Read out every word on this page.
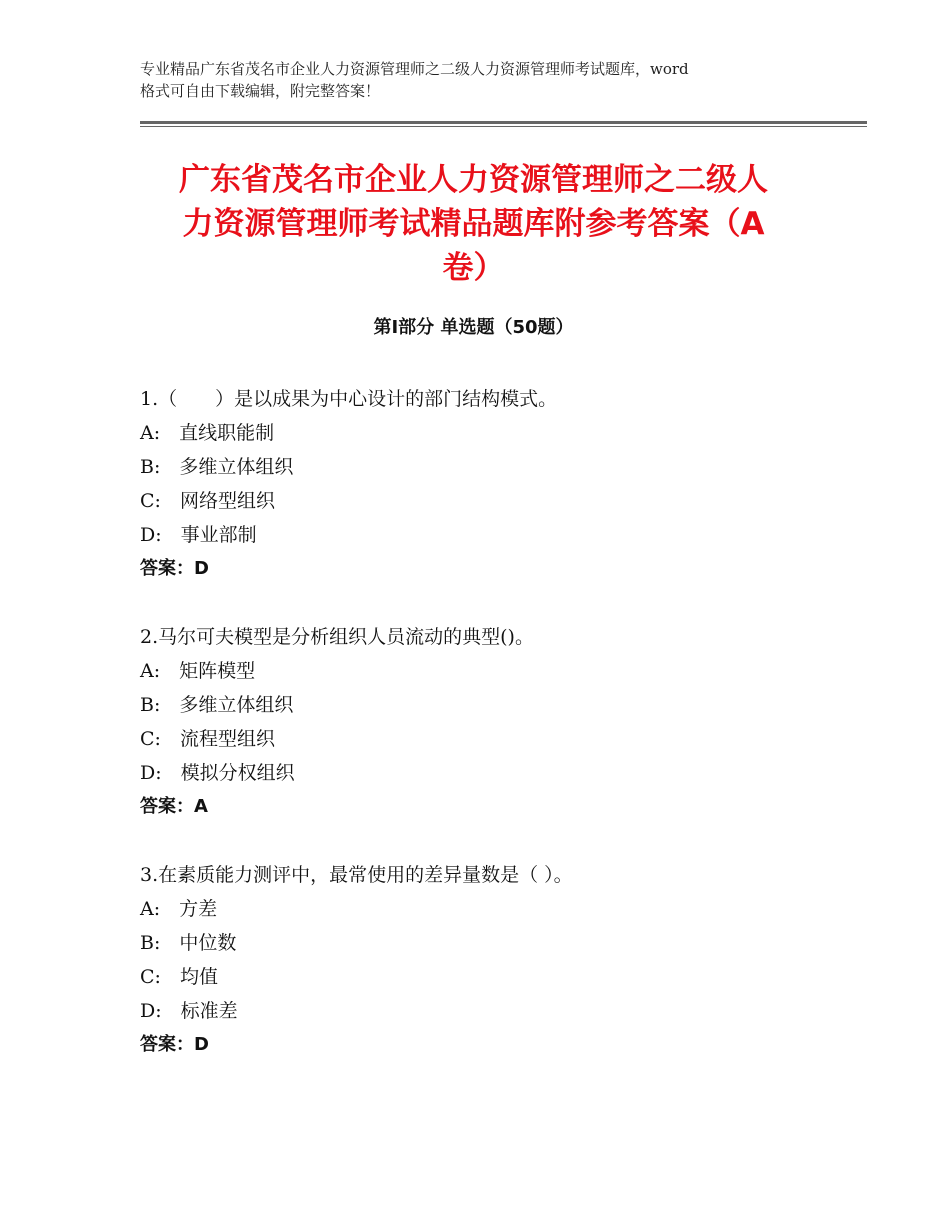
专业精品广东省茂名市企业人力资源管理师之二级人力资源管理师考试题库，word
格式可自由下载编辑，附完整答案！
广东省茂名市企业人力资源管理师之二级人
力资源管理师考试精品题库附参考答案（A
卷）
第Ⅰ部分 单选题（50题）
1.（　　）是以成果为中心设计的部门结构模式。
A:　直线职能制
B:　多维立体组织
C:　网络型组织
D:　事业部制
答案：D
2.马尔可夫模型是分析组织人员流动的典型()。
A:　矩阵模型
B:　多维立体组织
C:　流程型组织
D:　模拟分权组织
答案：A
3.在素质能力测评中，最常使用的差异量数是（ ）。
A:　方差
B:　中位数
C:　均值
D:　标准差
答案：D
